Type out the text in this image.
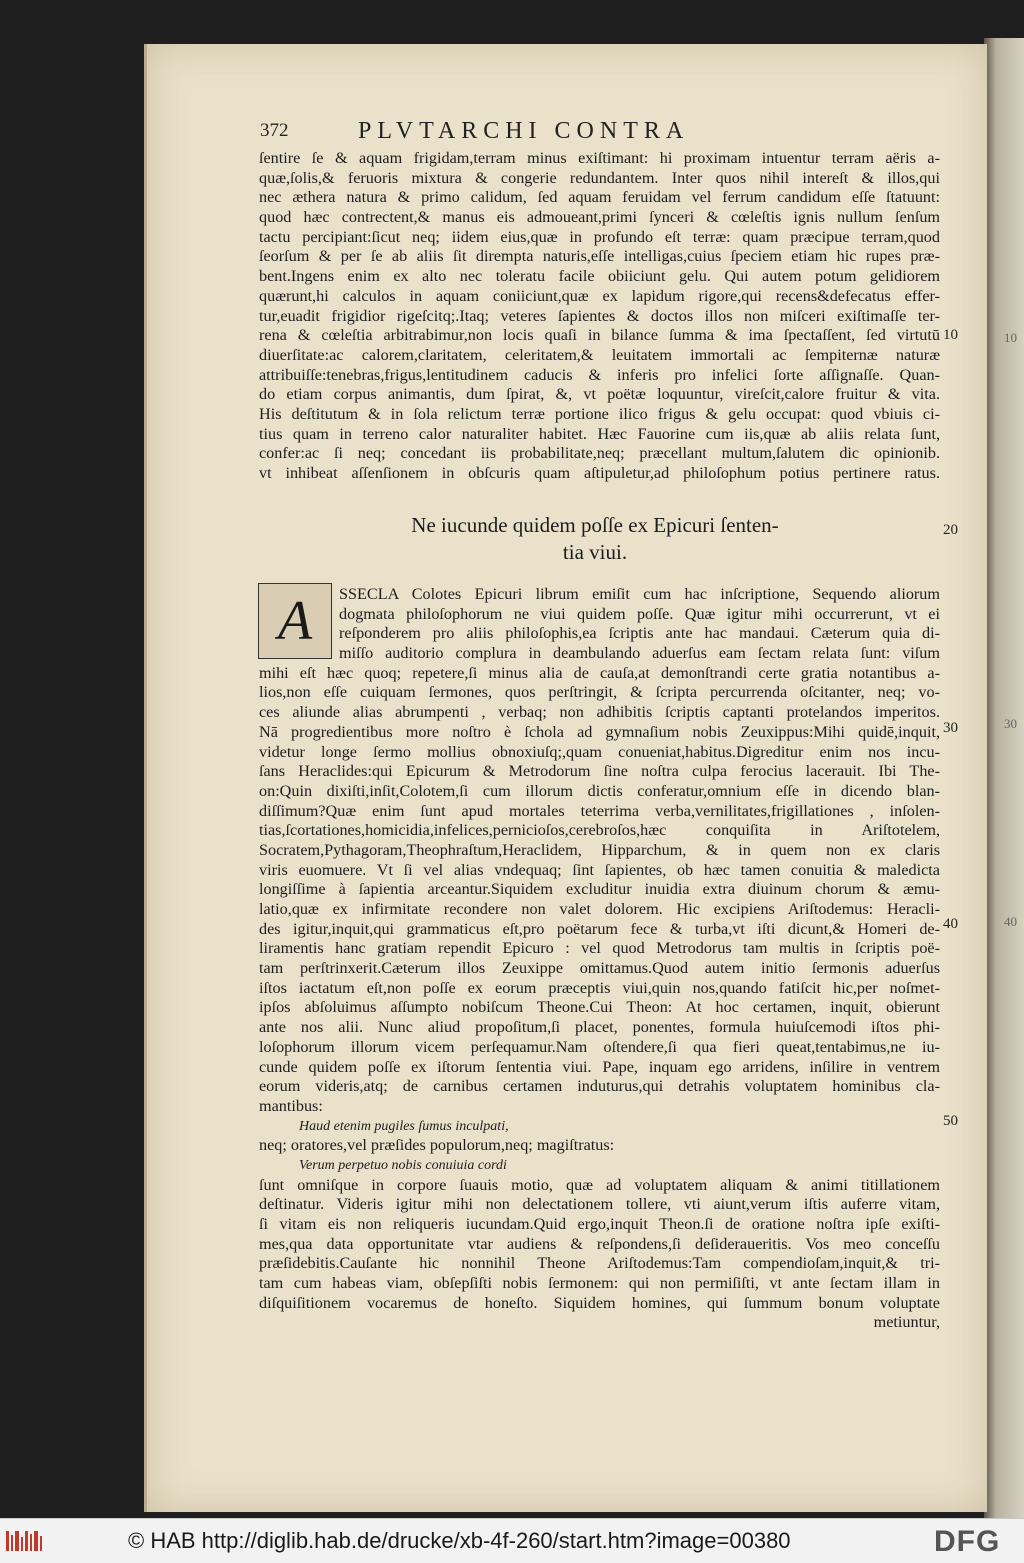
10
30
40
372	PLVTARCHI CONTRA
ſentire ſe & aquam frigidam,terram minus exiſtimant: hi proximam intuentur terram aëris a-
quæ,ſolis,& feruoris mixtura & congerie redundantem. Inter quos nihil intereſt & illos,qui
nec æthera natura & primo calidum, ſed aquam feruidam vel ferrum candidum eſſe ſtatuunt:
quod hæc contrectent,& manus eis admoueant,primi ſynceri & cœleſtis ignis nullum ſenſum
tactu percipiant:ſicut neq; iidem eius,quæ in profundo eſt terræ: quam præcipue terram,quod
ſeorſum & per ſe ab aliis ſit dirempta naturis,eſſe intelligas,cuius ſpeciem etiam hic rupes præ-
bent.Ingens enim ex alto nec toleratu facile obiiciunt gelu. Qui autem potum gelidiorem
quærunt,hi calculos in aquam coniiciunt,quæ ex lapidum rigore,qui recens&defecatus effer-
tur,euadit frigidior rigeſcitq;.Itaq; veteres ſapientes & doctos illos non miſceri exiſtimaſſe ter-
rena & cœleſtia arbitrabimur,non locis quaſi in bilance ſumma & ima ſpectaſſent, ſed virtutū
diuerſitate:ac calorem,claritatem, celeritatem,& leuitatem immortali ac ſempiternæ naturæ
attribuiſſe:tenebras,frigus,lentitudinem caducis & inferis pro infelici ſorte aſſignaſſe. Quan-
do etiam corpus animantis, dum ſpirat, &, vt poëtæ loquuntur, vireſcit,calore fruitur & vita.
His deſtitutum & in ſola relictum terræ portione ilico frigus & gelu occupat: quod vbiuis ci-
tius quam in terreno calor naturaliter habitet. Hæc Fauorine cum iis,quæ ab aliis relata ſunt,
confer:ac ſi neq; concedant iis probabilitate,neq; præcellant multum,ſalutem dic opinionib.
vt inhibeat aſſenſionem in obſcuris quam aſtipuletur,ad philoſophum potius pertinere ratus.
10
20
30
40
50
Ne iucunde quidem poſſe ex Epicuri ſenten-
tia viui.
A	SSECLA Colotes Epicuri librum emiſit cum hac inſcriptione, Sequendo aliorum
dogmata philoſophorum ne viui quidem poſſe. Quæ igitur mihi occurrerunt, vt ei
reſponderem pro aliis philoſophis,ea ſcriptis ante hac mandaui. Cæterum quia di-
miſſo auditorio complura in deambulando aduerſus eam ſectam relata ſunt: viſum
mihi eſt hæc quoq; repetere,ſi minus alia de cauſa,at demonſtrandi certe gratia notantibus a-
lios,non eſſe cuiquam ſermones, quos perſtringit, & ſcripta percurrenda oſcitanter, neq; vo-
ces aliunde alias abrumpenti , verbaq; non adhibitis ſcriptis captanti protelandos imperitos.
Nā progredientibus more noſtro è ſchola ad gymnaſium nobis Zeuxippus:Mihi quidē,inquit,
videtur longe ſermo mollius obnoxiuſq;,quam conueniat,habitus.Digreditur enim nos incu-
ſans Heraclides:qui Epicurum & Metrodorum ſine noſtra culpa ferocius lacerauit. Ibi The-
on:Quin dixiſti,inſit,Colotem,ſi cum illorum dictis conferatur,omnium eſſe in dicendo blan-
diſſimum?Quæ enim ſunt apud mortales teterrima verba,vernilitates,frigillationes , inſolen-
tias,ſcortationes,homicidia,infelices,pernicioſos,cerebroſos,hæc conquiſita in Ariſtotelem,
Socratem,Pythagoram,Theophraſtum,Heraclidem, Hipparchum, & in quem non ex claris
viris euomuere. Vt ſi vel alias vndequaq; ſint ſapientes, ob hæc tamen conuitia & maledicta
longiſſime à ſapientia arceantur.Siquidem excluditur inuidia extra diuinum chorum & æmu-
latio,quæ ex infirmitate recondere non valet dolorem. Hic excipiens Ariſtodemus: Heracli-
des igitur,inquit,qui grammaticus eſt,pro poëtarum fece & turba,vt iſti dicunt,& Homeri de-
liramentis hanc gratiam rependit Epicuro : vel quod Metrodorus tam multis in ſcriptis poë-
tam perſtrinxerit.Cæterum illos Zeuxippe omittamus.Quod autem initio ſermonis aduerſus
iſtos iactatum eſt,non poſſe ex eorum præceptis viui,quin nos,quando fatiſcit hic,per noſmet-
ipſos abſoluimus aſſumpto nobiſcum Theone.Cui Theon: At hoc certamen, inquit, obierunt
ante nos alii. Nunc aliud propoſitum,ſi placet, ponentes, formula huiuſcemodi iſtos phi-
loſophorum illorum vicem perſequamur.Nam oſtendere,ſi qua fieri queat,tentabimus,ne iu-
cunde quidem poſſe ex iſtorum ſententia viui. Pape, inquam ego arridens, inſilire in ventrem
eorum videris,atq; de carnibus certamen induturus,qui detrahis voluptatem hominibus cla-
mantibus:
Haud etenim pugiles ſumus inculpati,
neq; oratores,vel præſides populorum,neq; magiſtratus:
Verum perpetuo nobis conuiuia cordi
ſunt omniſque in corpore ſuauis motio, quæ ad voluptatem aliquam & animi titillationem
deſtinatur. Videris igitur mihi non delectationem tollere, vti aiunt,verum iſtis auferre vitam,
ſi vitam eis non reliqueris iucundam.Quid ergo,inquit Theon.ſi de oratione noſtra ipſe exiſti-
mes,qua data opportunitate vtar audiens & reſpondens,ſi deſideraueritis. Vos meo conceſſu
præſidebitis.Cauſante hic nonnihil Theone Ariſtodemus:Tam compendioſam,inquit,& tri-
tam cum habeas viam, obſepſiſti nobis ſermonem: qui non permiſiſti, vt ante ſectam illam in
diſquiſitionem vocaremus de honeſto. Siquidem homines, qui ſummum bonum voluptate
metiuntur,
© HAB http://diglib.hab.de/drucke/xb-4f-260/start.htm?image=00380	DFG
